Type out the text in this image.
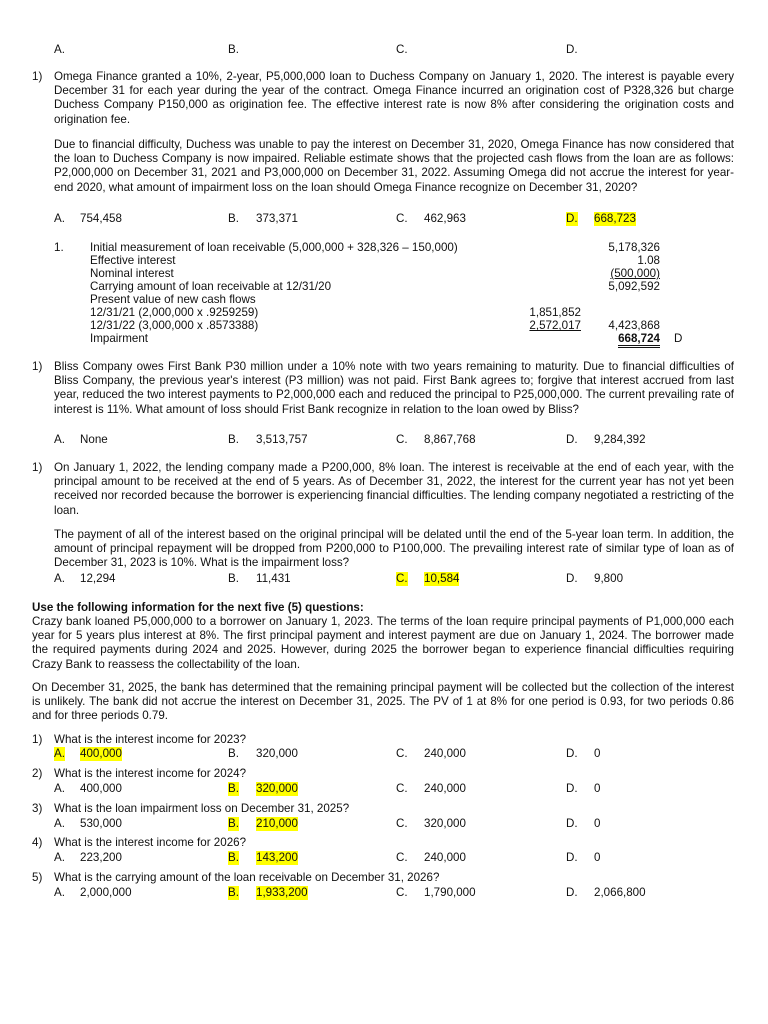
A.	B.	C.	D.
1) Omega Finance granted a 10%, 2-year, P5,000,000 loan to Duchess Company on January 1, 2020. The interest is payable every December 31 for each year during the year of the contract. Omega Finance incurred an origination cost of P328,326 but charge Duchess Company P150,000 as origination fee. The effective interest rate is now 8% after considering the origination costs and origination fee.
Due to financial difficulty, Duchess was unable to pay the interest on December 31, 2020, Omega Finance has now considered that the loan to Duchess Company is now impaired. Reliable estimate shows that the projected cash flows from the loan are as follows: P2,000,000 on December 31, 2021 and P3,000,000 on December 31, 2022. Assuming Omega did not accrue the interest for year-end 2020, what amount of impairment loss on the loan should Omega Finance recognize on December 31, 2020?
A. 754,458	B. 373,371	C. 462,963	D. 668,723
1. Initial measurement of loan receivable (5,000,000 + 328,326 – 150,000)	5,178,326
Effective interest	1.08
Nominal interest	(500,000)
Carrying amount of loan receivable at 12/31/20	5,092,592
Present value of new cash flows
12/31/21 (2,000,000 x .9259259)	1,851,852
12/31/22 (3,000,000 x .8573388)	2,572,017 4,423,868
Impairment	668,724 D
1) Bliss Company owes First Bank P30 million under a 10% note with two years remaining to maturity. Due to financial difficulties of Bliss Company, the previous year's interest (P3 million) was not paid. First Bank agrees to; forgive that interest accrued from last year, reduced the two interest payments to P2,000,000 each and reduced the principal to P25,000,000. The current prevailing rate of interest is 11%. What amount of loss should Frist Bank recognize in relation to the loan owed by Bliss?
A. None	B. 3,513,757	C. 8,867,768	D. 9,284,392
1) On January 1, 2022, the lending company made a P200,000, 8% loan. The interest is receivable at the end of each year, with the principal amount to be received at the end of 5 years. As of December 31, 2022, the interest for the current year has not yet been received nor recorded because the borrower is experiencing financial difficulties. The lending company negotiated a restricting of the loan.
The payment of all of the interest based on the original principal will be delated until the end of the 5-year loan term. In addition, the amount of principal repayment will be dropped from P200,000 to P100,000. The prevailing interest rate of similar type of loan as of December 31, 2023 is 10%. What is the impairment loss?
A. 12,294	B. 11,431	C. 10,584	D. 9,800
Use the following information for the next five (5) questions:
Crazy bank loaned P5,000,000 to a borrower on January 1, 2023. The terms of the loan require principal payments of P1,000,000 each year for 5 years plus interest at 8%. The first principal payment and interest payment are due on January 1, 2024. The borrower made the required payments during 2024 and 2025. However, during 2025 the borrower began to experience financial difficulties requiring Crazy Bank to reassess the collectability of the loan.
On December 31, 2025, the bank has determined that the remaining principal payment will be collected but the collection of the interest is unlikely. The bank did not accrue the interest on December 31, 2025. The PV of 1 at 8% for one period is 0.93, for two periods 0.86 and for three periods 0.79.
1) What is the interest income for 2023?
A. 400,000	B. 320,000	C. 240,000	D. 0
2) What is the interest income for 2024?
A. 400,000	B. 320,000	C. 240,000	D. 0
3) What is the loan impairment loss on December 31, 2025?
A. 530,000	B. 210,000	C. 320,000	D. 0
4) What is the interest income for 2026?
A. 223,200	B. 143,200	C. 240,000	D. 0
5) What is the carrying amount of the loan receivable on December 31, 2026?
A. 2,000,000	B. 1,933,200	C. 1,790,000	D. 2,066,800
